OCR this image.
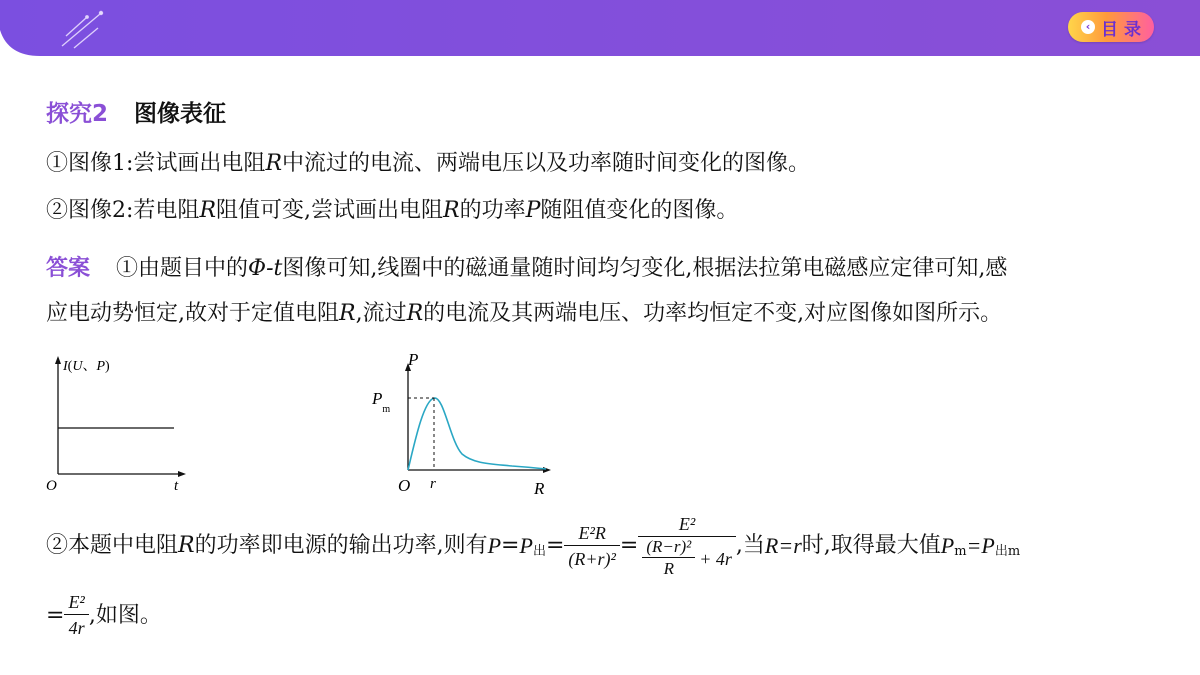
‹ 目 录
探究2 图像表征
①图像1:尝试画出电阻R中流过的电流、两端电压以及功率随时间变化的图像。
②图像2:若电阻R阻值可变,尝试画出电阻R的功率P随阻值变化的图像。
答案 ①由题目中的Φ-t图像可知,线圈中的磁通量随时间均匀变化,根据法拉第电磁感应定律可知,感
应电动势恒定,故对于定值电阻R,流过R的电流及其两端电压、功率均恒定不变,对应图像如图所示。
I(U、P)
O	t
P
$P_m$
O r	R
②本题中电阻 R 的功率即电源的输出功率,则有 P = P 出 = $\frac{\text{E²R}}{\text{(R+r)²}} = \frac{\text{E²}}{\frac{\text{(R−r)²}}{R} + 4r}$ ,当 R=r 时,取得最大值 P m =P 出m
= $\frac{\text{E²}}{4r}$ ,如图。
